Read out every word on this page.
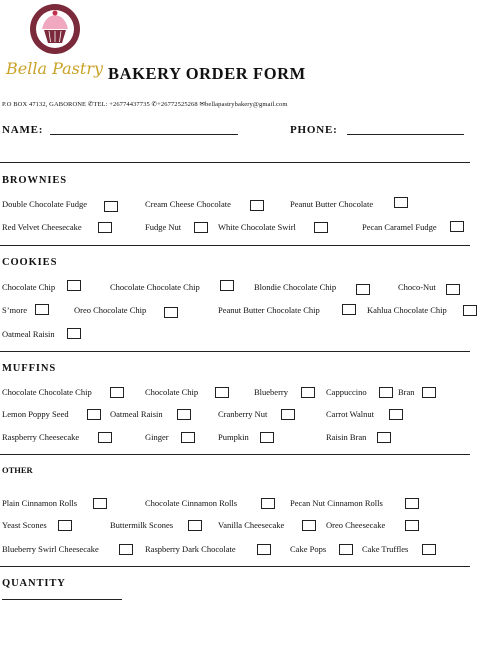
Bella Pastry BAKERY ORDER FORM
P.O BOX 47132, GABORONE ✆TEL: +26774437735 ✆+26772525268 ✉bellapastrybakery@gmail.com
NAME:	PHONE:
BROWNIES
Double Chocolate Fudge	Cream Cheese Chocolate	Peanut Butter Chocolate
Red Velvet Cheesecake	Fudge Nut	White Chocolate Swirl	Pecan Caramel Fudge
COOKIES
Chocolate Chip	Chocolate Chocolate Chip	Blondie Chocolate Chip	Choco-Nut
S’more	Oreo Chocolate Chip	Peanut Butter Chocolate Chip	Kahlua Chocolate Chip
Oatmeal Raisin
MUFFINS
Chocolate Chocolate Chip	Chocolate Chip	Blueberry	Cappuccino	Bran
Lemon Poppy Seed	Oatmeal Raisin	Cranberry Nut	Carrot Walnut
Raspberry Cheesecake	Ginger	Pumpkin	Raisin Bran
OTHER
Plain Cinnamon Rolls	Chocolate Cinnamon Rolls	Pecan Nut Cinnamon Rolls
Yeast Scones	Buttermilk Scones	Vanilla Cheesecake	Oreo Cheesecake
Blueberry Swirl Cheesecake	Raspberry Dark Chocolate	Cake Pops	Cake Truffles
QUANTITY
